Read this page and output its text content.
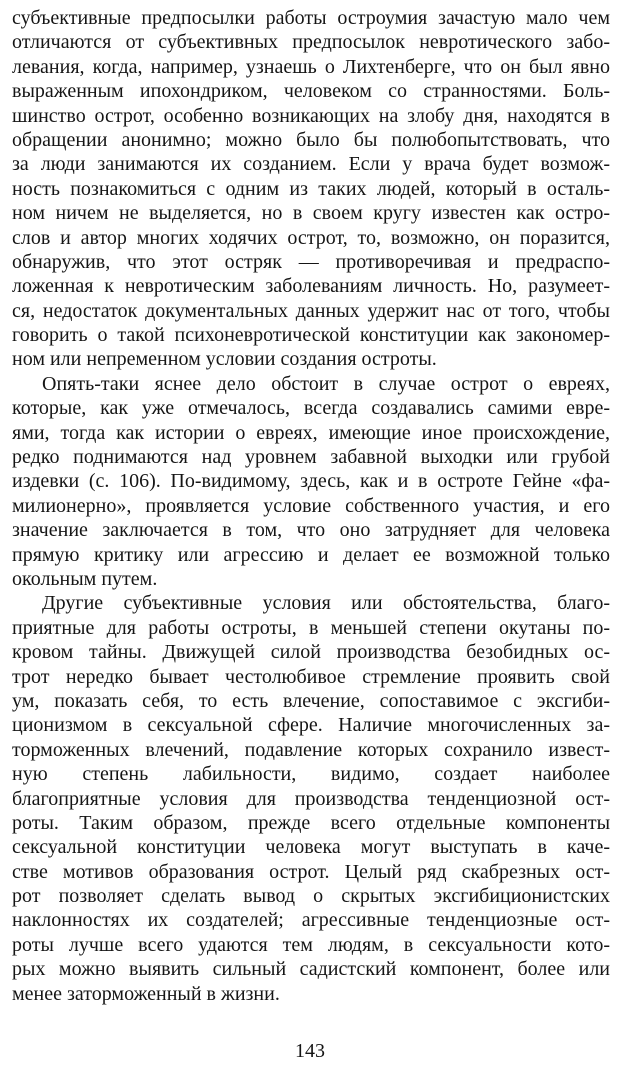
субъективные предпосылки работы остроумия зачастую мало чем
отличаются от субъективных предпосылок невротического забо-
левания, когда, например, узнаешь о Лихтенберге, что он был явно
выраженным ипохондриком, человеком со странностями. Боль-
шинство острот, особенно возникающих на злобу дня, находятся в
обращении анонимно; можно было бы полюбопытствовать, что
за люди занимаются их созданием. Если у врача будет возмож-
ность познакомиться с одним из таких людей, который в осталь-
ном ничем не выделяется, но в своем кругу известен как остро-
слов и автор многих ходячих острот, то, возможно, он поразится,
обнаружив, что этот остряк — противоречивая и предраспо-
ложенная к невротическим заболеваниям личность. Но, разумеет-
ся, недостаток документальных данных удержит нас от того, чтобы
говорить о такой психоневротической конституции как закономер-
ном или непременном условии создания остроты.
Опять-таки яснее дело обстоит в случае острот о евреях,
которые, как уже отмечалось, всегда создавались самими евре-
ями, тогда как истории о евреях, имеющие иное происхождение,
редко поднимаются над уровнем забавной выходки или грубой
издевки (с. 106). По-видимому, здесь, как и в остроте Гейне «фа-
милионерно», проявляется условие собственного участия, и его
значение заключается в том, что оно затрудняет для человека
прямую критику или агрессию и делает ее возможной только
окольным путем.
Другие субъективные условия или обстоятельства, благо-
приятные для работы остроты, в меньшей степени окутаны по-
кровом тайны. Движущей силой производства безобидных ос-
трот нередко бывает честолюбивое стремление проявить свой
ум, показать себя, то есть влечение, сопоставимое с эксгиби-
ционизмом в сексуальной сфере. Наличие многочисленных за-
торможенных влечений, подавление которых сохранило извест-
ную степень лабильности, видимо, создает наиболее
благоприятные условия для производства тенденциозной ост-
роты. Таким образом, прежде всего отдельные компоненты
сексуальной конституции человека могут выступать в каче-
стве мотивов образования острот. Целый ряд скабрезных ост-
рот позволяет сделать вывод о скрытых эксгибиционистских
наклонностях их создателей; агрессивные тенденциозные ост-
роты лучше всего удаются тем людям, в сексуальности кото-
рых можно выявить сильный садистский компонент, более или
менее заторможенный в жизни.
143
